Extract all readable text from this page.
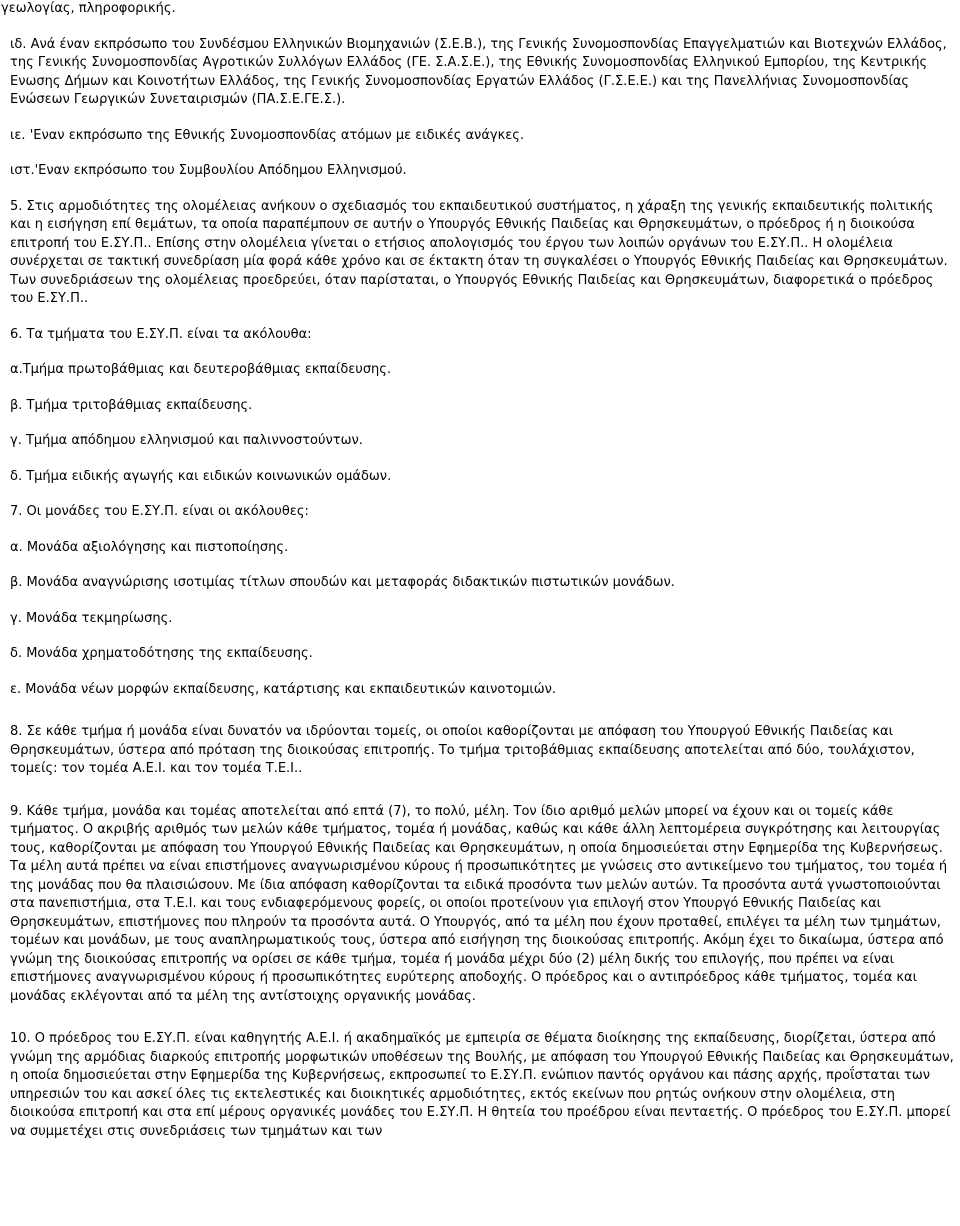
γεωλογίας, πληροφορικής.

ιδ. Ανά έναν εκπρόσωπο του Συνδέσμου Ελληνικών Βιομηχανιών (Σ.Ε.Β.), της Γενικής Συνομοσπονδίας Επαγγελματιών και Βιοτεχνών Ελλάδος, της Γενικής Συνομοσπονδίας Αγροτικών Συλλόγων Ελλάδος (ΓΕ. Σ.Α.Σ.Ε.), της Εθνικής Συνομοσπονδίας Ελληνικού Εμπορίου, της Κεντρικής Ενωσης Δήμων και Κοινοτήτων Ελλάδος, της Γενικής Συνομοσπονδίας Εργατών Ελλάδος (Γ.Σ.Ε.Ε.) και της Πανελλήνιας Συνομοσπονδίας Ενώσεων Γεωργικών Συνεταιρισμών (ΠΑ.Σ.Ε.ΓΕ.Σ.).

ιε. 'Εναν εκπρόσωπο της Εθνικής Συνομοσπονδίας ατόμων με ειδικές ανάγκες.

ιστ.'Εναν εκπρόσωπο του Συμβουλίου Απόδημου Ελληνισμού.

5. Στις αρμοδιότητες της ολομέλειας ανήκουν ο σχεδιασμός του εκπαιδευτικού συστήματος, η χάραξη της γενικής εκπαιδευτικής πολιτικής και η εισήγηση επί θεμάτων, τα οποία παραπέμπουν σε αυτήν ο Υπουργός Εθνικής Παιδείας και Θρησκευμάτων, ο πρόεδρος ή η διοικούσα επιτροπή του Ε.ΣΥ.Π.. Επίσης στην ολομέλεια γίνεται ο ετήσιος απολογισμός του έργου των λοιπών οργάνων του Ε.ΣΥ.Π.. Η ολομέλεια συνέρχεται σε τακτική συνεδρίαση μία φορά κάθε χρόνο και σε έκτακτη όταν τη συγκαλέσει ο Υπουργός Εθνικής Παιδείας και Θρησκευμάτων. Των συνεδριάσεων της ολομέλειας προεδρεύει, όταν παρίσταται, ο Υπουργός Εθνικής Παιδείας και Θρησκευμάτων, διαφορετικά ο πρόεδρος του Ε.ΣΥ.Π..

6. Τα τμήματα του Ε.ΣΥ.Π. είναι τα ακόλουθα:

α.Τμήμα πρωτοβάθμιας και δευτεροβάθμιας εκπαίδευσης.

β. Τμήμα τριτοβάθμιας εκπαίδευσης.

γ. Τμήμα απόδημου ελληνισμού και παλιννοστούντων.

δ. Τμήμα ειδικής αγωγής και ειδικών κοινωνικών ομάδων.

7. Οι μονάδες του Ε.ΣΥ.Π. είναι οι ακόλουθες:

α. Μονάδα αξιολόγησης και πιστοποίησης.

β. Μονάδα αναγνώρισης ισοτιμίας τίτλων σπουδών και μεταφοράς διδακτικών πιστωτικών μονάδων.

γ. Μονάδα τεκμηρίωσης.

δ. Μονάδα χρηματοδότησης της εκπαίδευσης.

ε. Μονάδα νέων μορφών εκπαίδευσης, κατάρτισης και εκπαιδευτικών καινοτομιών.

8. Σε κάθε τμήμα ή μονάδα είναι δυνατόν να ιδρύονται τομείς, οι οποίοι καθορίζονται με απόφαση του Υπουργού Εθνικής Παιδείας και Θρησκευμάτων, ύστερα από πρόταση της διοικούσας επιτροπής. Το τμήμα τριτοβάθμιας εκπαίδευσης αποτελείται από δύο, τουλάχιστον, τομείς: τον τομέα Α.Ε.Ι. και τον τομέα Τ.Ε.Ι..

9. Κάθε τμήμα, μονάδα και τομέας αποτελείται από επτά (7), το πολύ, μέλη. Τον ίδιο αριθμό μελών μπορεί να έχουν και οι τομείς κάθε τμήματος. Ο ακριβής αριθμός των μελών κάθε τμήματος, τομέα ή μονάδας, καθώς και κάθε άλλη λεπτομέρεια συγκρότησης και λειτουργίας τους, καθορίζονται με απόφαση του Υπουργού Εθνικής Παιδείας και Θρησκευμάτων, η οποία δημοσιεύεται στην Εφημερίδα της Κυβερνήσεως. Τα μέλη αυτά πρέπει να είναι επιστήμονες αναγνωρισμένου κύρους ή προσωπικότητες με γνώσεις στο αντικείμενο του τμήματος, του τομέα ή της μονάδας που θα πλαισιώσουν. Με ίδια απόφαση καθορίζονται τα ειδικά προσόντα των μελών αυτών. Τα προσόντα αυτά γνωστοποιούνται στα πανεπιστήμια, στα Τ.Ε.Ι. και τους ενδιαφερόμενους φορείς, οι οποίοι προτείνουν για επιλογή στον Υπουργό Εθνικής Παιδείας και Θρησκευμάτων, επιστήμονες που πληρούν τα προσόντα αυτά. Ο Υπουργός, από τα μέλη που έχουν προταθεί, επιλέγει τα μέλη των τμημάτων, τομέων και μονάδων, με τους αναπληρωματικούς τους, ύστερα από εισήγηση της διοικούσας επιτροπής. Ακόμη έχει το δικαίωμα, ύστερα από γνώμη της διοικούσας επιτροπής να ορίσει σε κάθε τμήμα, τομέα ή μονάδα μέχρι δύο (2) μέλη δικής του επιλογής, που πρέπει να είναι επιστήμονες αναγνωρισμένου κύρους ή προσωπικότητες ευρύτερης αποδοχής. Ο πρόεδρος και ο αντιπρόεδρος κάθε τμήματος, τομέα και μονάδας εκλέγονται από τα μέλη της αντίστοιχης οργανικής μονάδας.

10. Ο πρόεδρος του Ε.ΣΥ.Π. είναι καθηγητής Α.Ε.Ι. ή ακαδημαϊκός με εμπειρία σε θέματα διοίκησης της εκπαίδευσης, διορίζεται, ύστερα από γνώμη της αρμόδιας διαρκούς επιτροπής μορφωτικών υποθέσεων της Βουλής, με απόφαση του Υπουργού Εθνικής Παιδείας και Θρησκευμάτων, η οποία δημοσιεύεται στην Εφημερίδα της Κυβερνήσεως, εκπροσωπεί το Ε.ΣΥ.Π. ενώπιον παντός οργάνου και πάσης αρχής, προΐσταται των υπηρεσιών του και ασκεί όλες τις εκτελεστικές και διοικητικές αρμοδιότητες, εκτός εκείνων που ρητώς ονήκουν στην ολομέλεια, στη διοικούσα επιτροπή και στα επί μέρους οργανικές μονάδες του Ε.ΣΥ.Π. Η θητεία του προέδρου είναι πενταετής. Ο πρόεδρος του Ε.ΣΥ.Π. μπορεί να συμμετέχει στις συνεδριάσεις των τμημάτων και των
